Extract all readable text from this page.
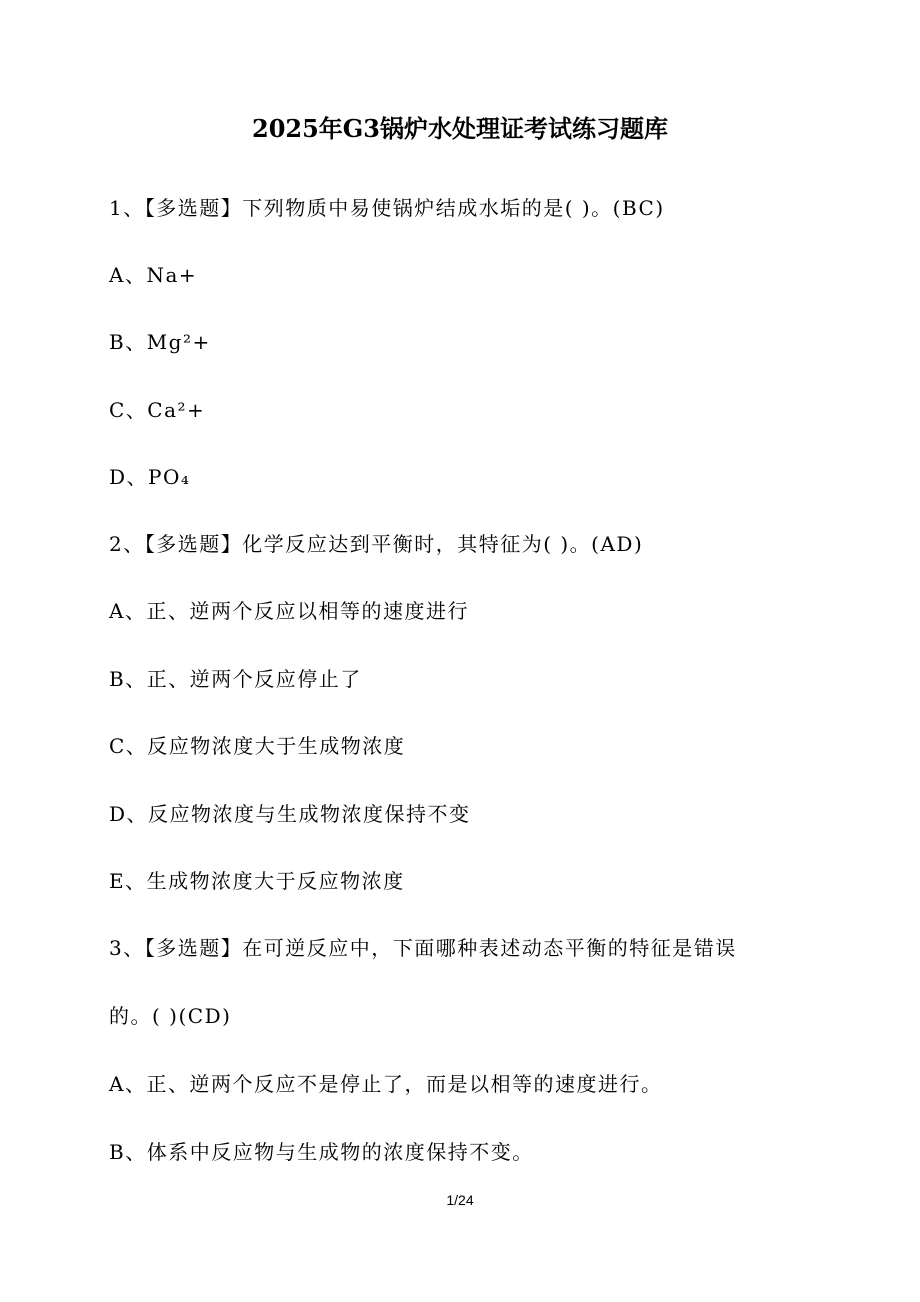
2025年G3锅炉水处理证考试练习题库
1、【多选题】下列物质中易使锅炉结成水垢的是( )。(BC)
A、Na+
B、Mg²+
C、Ca²+
D、PO₄
2、【多选题】化学反应达到平衡时，其特征为( )。(AD)
A、正、逆两个反应以相等的速度进行
B、正、逆两个反应停止了
C、反应物浓度大于生成物浓度
D、反应物浓度与生成物浓度保持不变
E、生成物浓度大于反应物浓度
3、【多选题】在可逆反应中，下面哪种表述动态平衡的特征是错误
的。( )(CD)
A、正、逆两个反应不是停止了，而是以相等的速度进行。
B、体系中反应物与生成物的浓度保持不变。
1/24
